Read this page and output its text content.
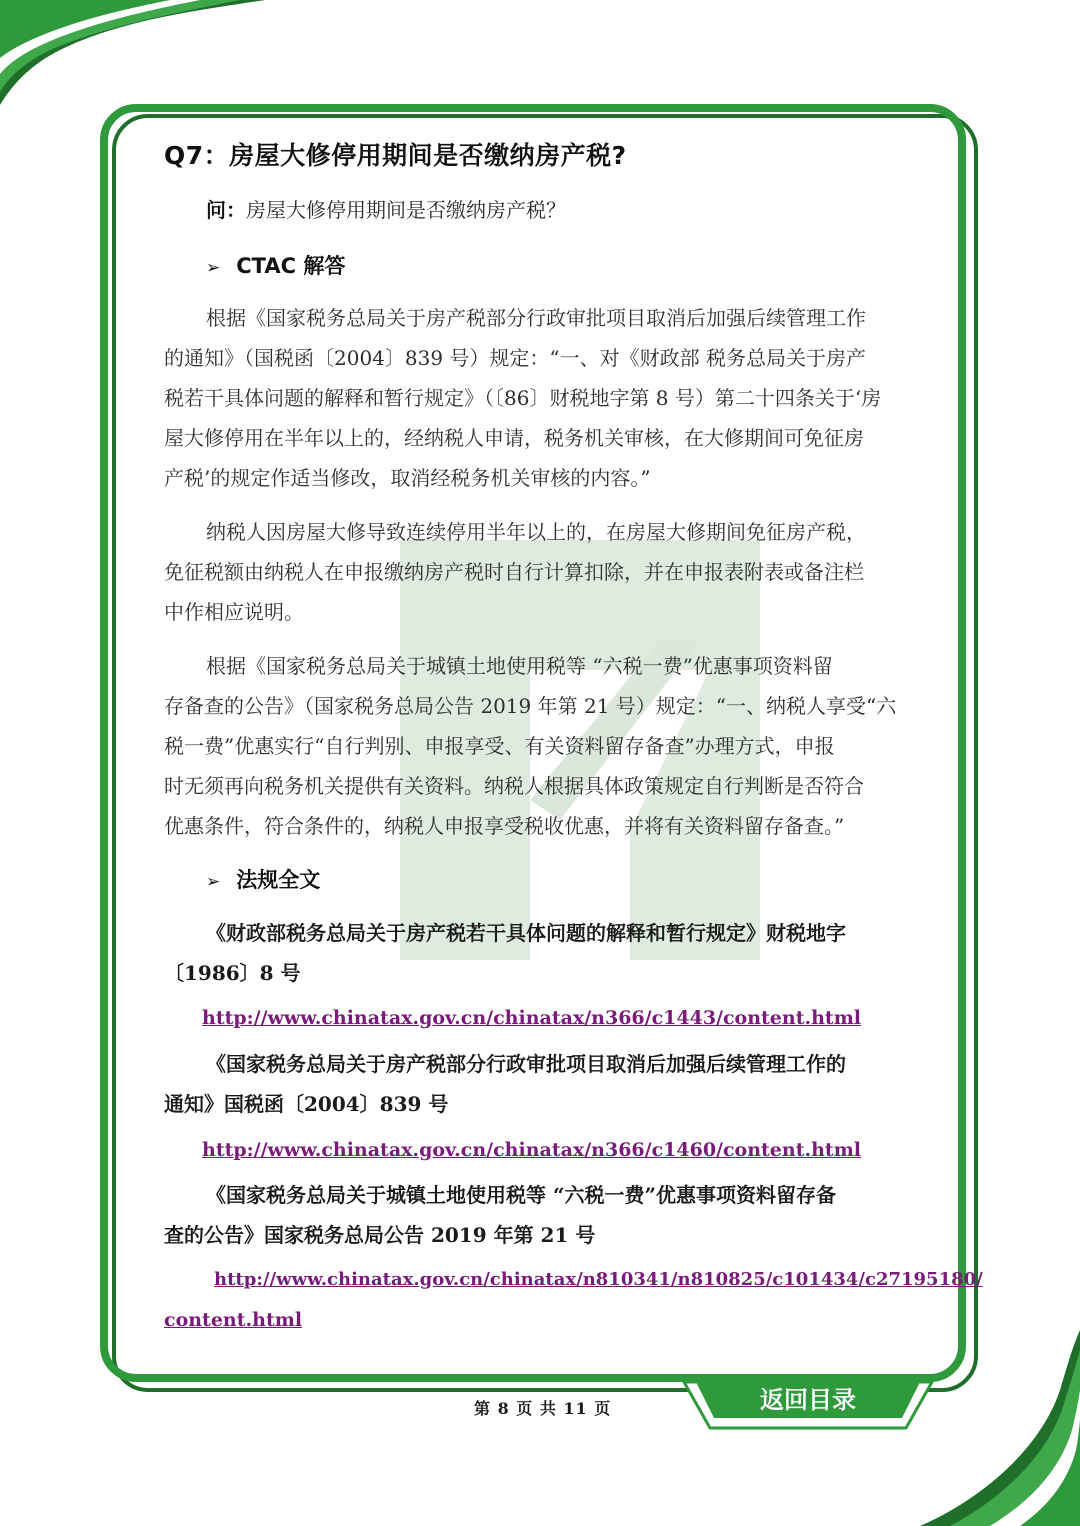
Q7：房屋大修停用期间是否缴纳房产税?
问：房屋大修停用期间是否缴纳房产税？
➢ CTAC 解答
根据《国家税务总局关于房产税部分行政审批项目取消后加强后续管理工作
的通知》（国税函〔2004〕839 号）规定：“一、对《财政部 税务总局关于房产
税若干具体问题的解释和暂行规定》（〔86〕财税地字第 8 号）第二十四条关于‘房
屋大修停用在半年以上的，经纳税人申请，税务机关审核，在大修期间可免征房
产税’的规定作适当修改，取消经税务机关审核的内容。”
纳税人因房屋大修导致连续停用半年以上的，在房屋大修期间免征房产税，
免征税额由纳税人在申报缴纳房产税时自行计算扣除，并在申报表附表或备注栏
中作相应说明。
根据《国家税务总局关于城镇土地使用税等 “六税一费”优惠事项资料留
存备查的公告》（国家税务总局公告 2019 年第 21 号）规定：“一、纳税人享受“六
税一费”优惠实行“自行判别、申报享受、有关资料留存备查”办理方式，申报
时无须再向税务机关提供有关资料。纳税人根据具体政策规定自行判断是否符合
优惠条件，符合条件的，纳税人申报享受税收优惠，并将有关资料留存备查。”
➢ 法规全文
《财政部税务总局关于房产税若干具体问题的解释和暂行规定》财税地字
〔1986〕8 号
http://www.chinatax.gov.cn/chinatax/n366/c1443/content.html
《国家税务总局关于房产税部分行政审批项目取消后加强后续管理工作的
通知》国税函〔2004〕839 号
http://www.chinatax.gov.cn/chinatax/n366/c1460/content.html
《国家税务总局关于城镇土地使用税等 “六税一费”优惠事项资料留存备
查的公告》国家税务总局公告 2019 年第 21 号
http://www.chinatax.gov.cn/chinatax/n810341/n810825/c101434/c27195180/
content.html
第 8 页 共 11 页	返回目录
